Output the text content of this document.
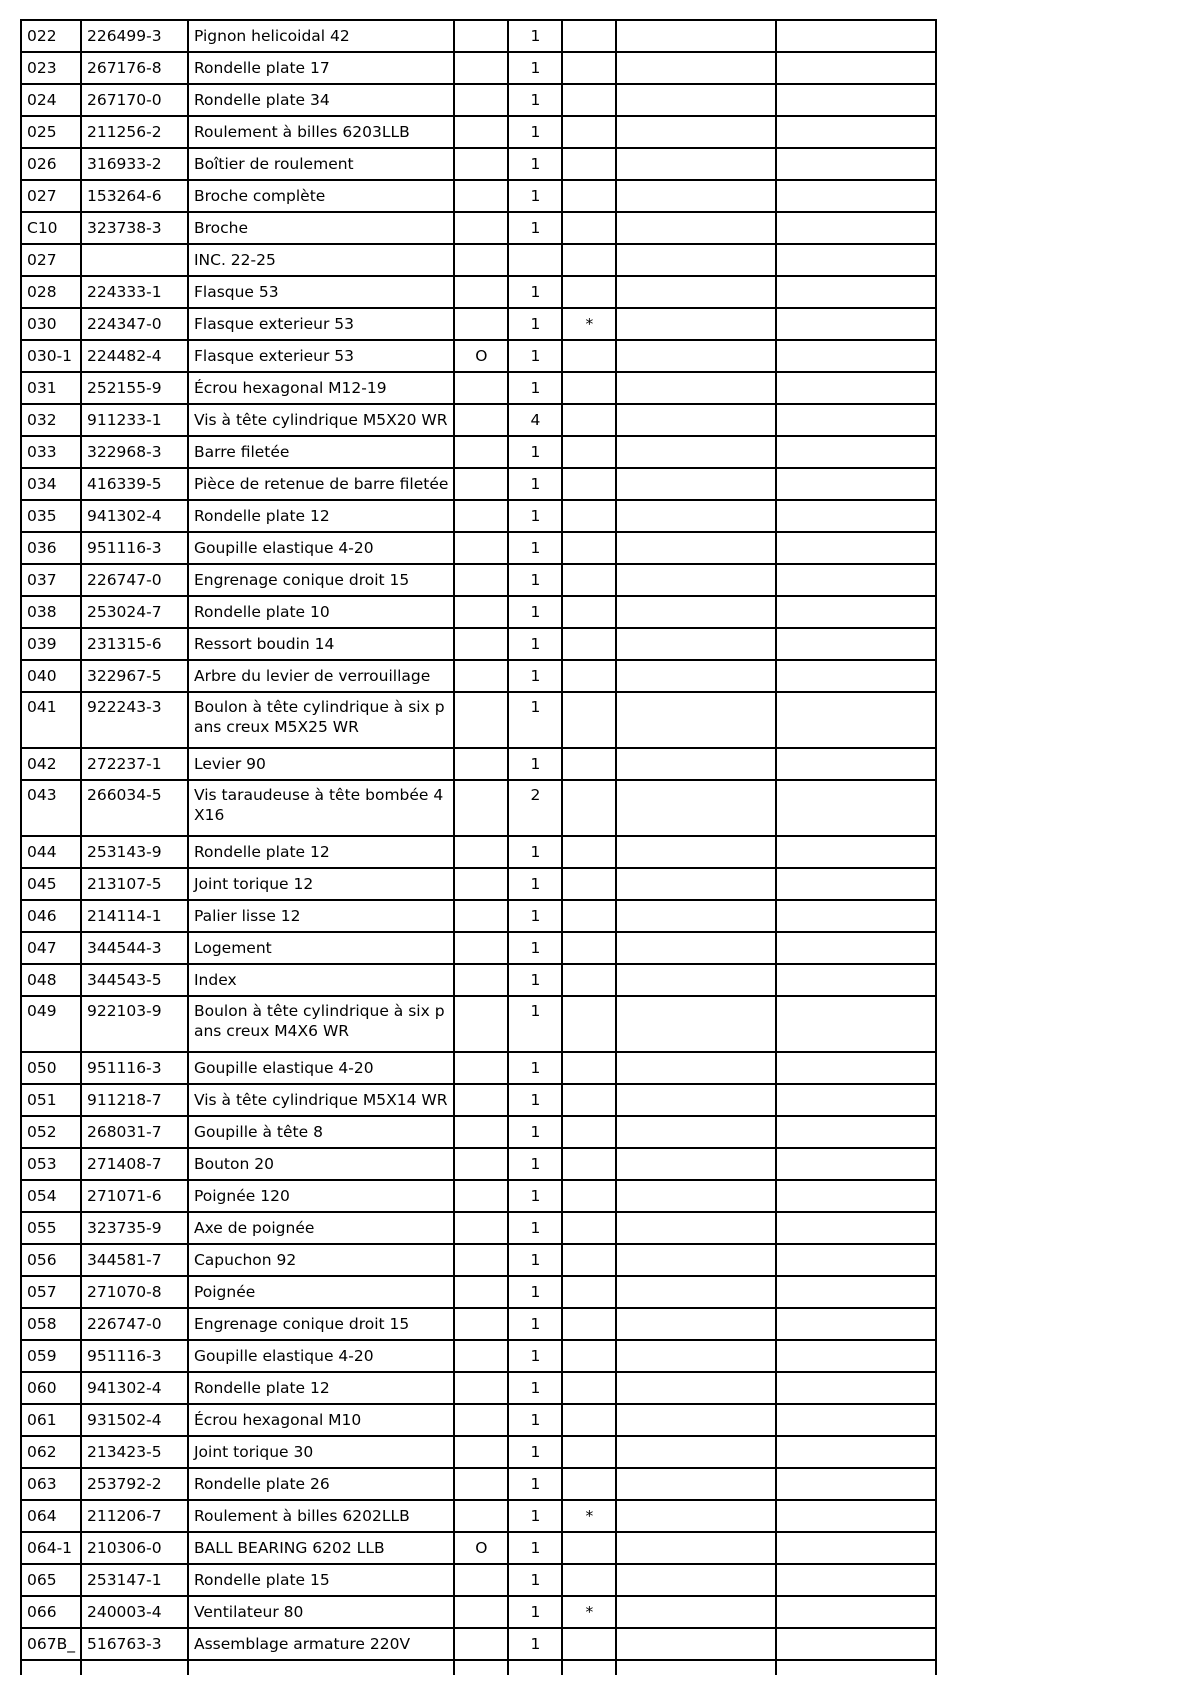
022	226499-3	Pignon helicoidal 42		1			
023	267176-8	Rondelle plate 17		1			
024	267170-0	Rondelle plate 34		1			
025	211256-2	Roulement à billes 6203LLB		1			
026	316933-2	Boîtier de roulement		1			
027	153264-6	Broche complète		1			
C10	323738-3	Broche		1			
027		INC. 22-25					
028	224333-1	Flasque 53		1			
030	224347-0	Flasque exterieur 53		1	*		
030-1	224482-4	Flasque exterieur 53	O	1			
031	252155-9	Écrou hexagonal M12-19		1			
032	911233-1	Vis à tête cylindrique M5X20 WR		4			
033	322968-3	Barre filetée		1			
034	416339-5	Pièce de retenue de barre filetée		1			
035	941302-4	Rondelle plate 12		1			
036	951116-3	Goupille elastique 4-20		1			
037	226747-0	Engrenage conique droit 15		1			
038	253024-7	Rondelle plate 10		1			
039	231315-6	Ressort boudin 14		1			
040	322967-5	Arbre du levier de verrouillage		1			
041	922243-3	Boulon à tête cylindrique à six pans creux M5X25 WR		1			
042	272237-1	Levier 90		1			
043	266034-5	Vis taraudeuse à tête bombée 4X16		2			
044	253143-9	Rondelle plate 12		1			
045	213107-5	Joint torique 12		1			
046	214114-1	Palier lisse 12		1			
047	344544-3	Logement		1			
048	344543-5	Index		1			
049	922103-9	Boulon à tête cylindrique à six pans creux M4X6 WR		1			
050	951116-3	Goupille elastique 4-20		1			
051	911218-7	Vis à tête cylindrique M5X14 WR		1			
052	268031-7	Goupille à tête 8		1			
053	271408-7	Bouton 20		1			
054	271071-6	Poignée 120		1			
055	323735-9	Axe de poignée		1			
056	344581-7	Capuchon 92		1			
057	271070-8	Poignée		1			
058	226747-0	Engrenage conique droit 15		1			
059	951116-3	Goupille elastique 4-20		1			
060	941302-4	Rondelle plate 12		1			
061	931502-4	Écrou hexagonal M10		1			
062	213423-5	Joint torique 30		1			
063	253792-2	Rondelle plate 26		1			
064	211206-7	Roulement à billes 6202LLB		1	*		
064-1	210306-0	BALL BEARING 6202 LLB	O	1			
065	253147-1	Rondelle plate 15		1			
066	240003-4	Ventilateur 80		1	*		
067B_	516763-3	Assemblage armature 220V		1			
